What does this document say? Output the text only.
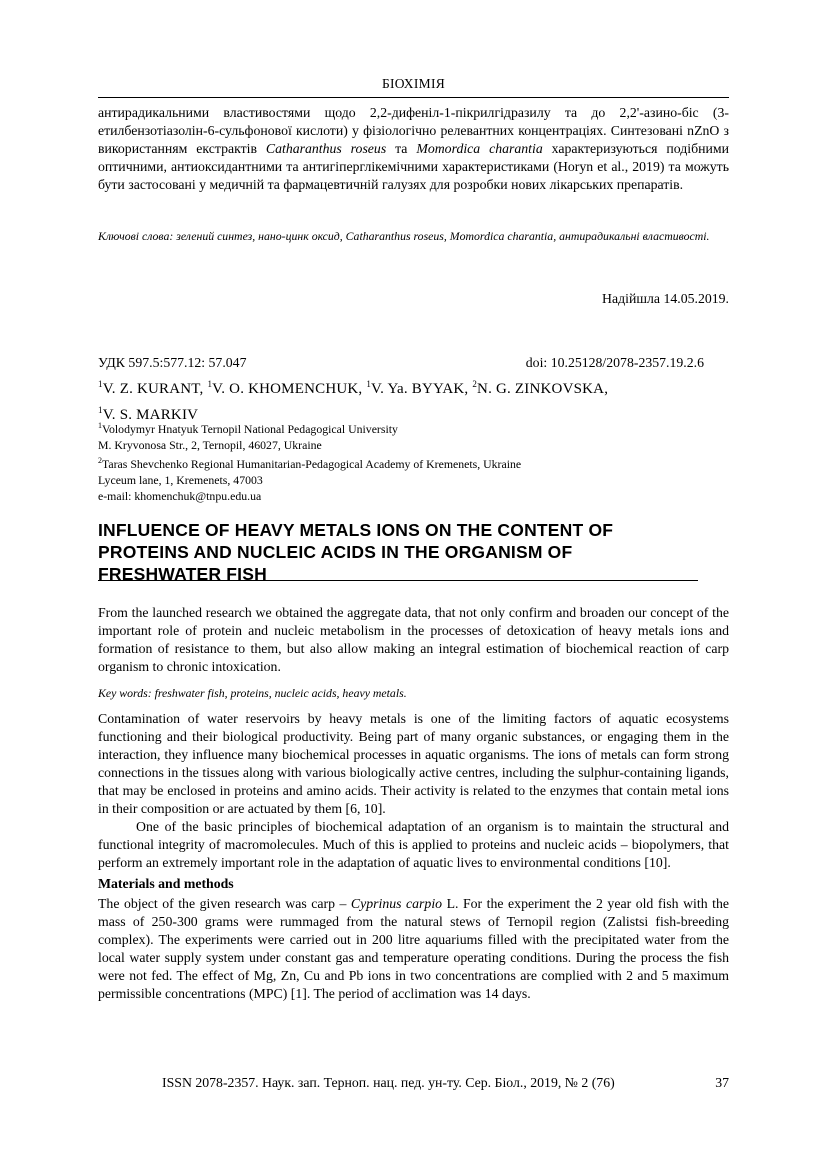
БІОХІМІЯ

антирадикальними властивостями щодо 2,2-дифеніл-1-пікрилгідразилу та до 2,2'-азино-біс (3-етилбензотіазолін-6-сульфонової кислоти) у фізіологічно релевантних концентраціях. Синтезовані nZnO з використанням екстрактів Catharanthus roseus та Momordica charantia характеризуються подібними оптичними, антиоксидантними та антигіперглікемічними характеристиками (Horyn et al., 2019) та можуть бути застосовані у медичній та фармацевтичній галузях для розробки нових лікарських препаратів.

Ключові слова: зелений синтез, нано-цинк оксид, Catharanthus roseus, Momordica charantia, антирадикальні властивості.

Надійшла 14.05.2019.
УДК 597.5:577.12: 57.047	doi: 10.25128/2078-2357.19.2.6
$^1$V. Z. KURANT, $^1$V. O. KHOMENCHUK, $^1$V. Ya. BYYAK, $^2$N. G. ZINKOVSKA,
$^1$V. S. MARKIV
$^1$Volodymyr Hnatyuk Ternopil National Pedagogical University
M. Kryvonosa Str., 2, Ternopil, 46027, Ukraine
$^2$Taras Shevchenko Regional Humanitarian-Pedagogical Academy of Kremenets, Ukraine
Lyceum lane, 1, Kremenets, 47003
e-mail: khomenchuk@tnpu.edu.ua
INFLUENCE OF HEAVY METALS IONS ON THE CONTENT OF
PROTEINS AND NUCLEIC ACIDS IN THE ORGANISM OF
FRESHWATER FISH

From the launched research we obtained the aggregate data, that not only confirm and broaden our concept of the important role of protein and nucleic metabolism in the processes of detoxication of heavy metals ions and formation of resistance to them, but also allow making an integral estimation of biochemical reaction of carp organism to chronic intoxication.

Key words: freshwater fish, proteins, nucleic acids, heavy metals.

Contamination of water reservoirs by heavy metals is one of the limiting factors of aquatic ecosystems functioning and their biological productivity. Being part of many organic substances, or engaging them in the interaction, they influence many biochemical processes in aquatic organisms. The ions of metals can form strong connections in the tissues along with various biologically active centres, including the sulphur-containing ligands, that may be enclosed in proteins and amino acids. Their activity is related to the enzymes that contain metal ions in their composition or are actuated by them [6, 10].

One of the basic principles of biochemical adaptation of an organism is to maintain the structural and functional integrity of macromolecules. Much of this is applied to proteins and nucleic acids – biopolymers, that perform an extremely important role in the adaptation of aquatic lives to environmental conditions [10].

Materials and methods

The object of the given research was carp – Cyprinus carpio L. For the experiment the 2 year old fish with the mass of 250-300 grams were rummaged from the natural stews of Ternopil region (Zalistsi fish-breeding complex). The experiments were carried out in 200 litre aquariums filled with the precipitated water from the local water supply system under constant gas and temperature operating conditions. During the process the fish were not fed. The effect of Mg, Zn, Cu and Pb ions in two concentrations are complied with 2 and 5 maximum permissible concentrations (MPC) [1]. The period of acclimation was 14 days.

ISSN 2078-2357. Наук. зап. Терноп. нац. пед. ун-ту. Сер. Біол., 2019, № 2 (76)	37
